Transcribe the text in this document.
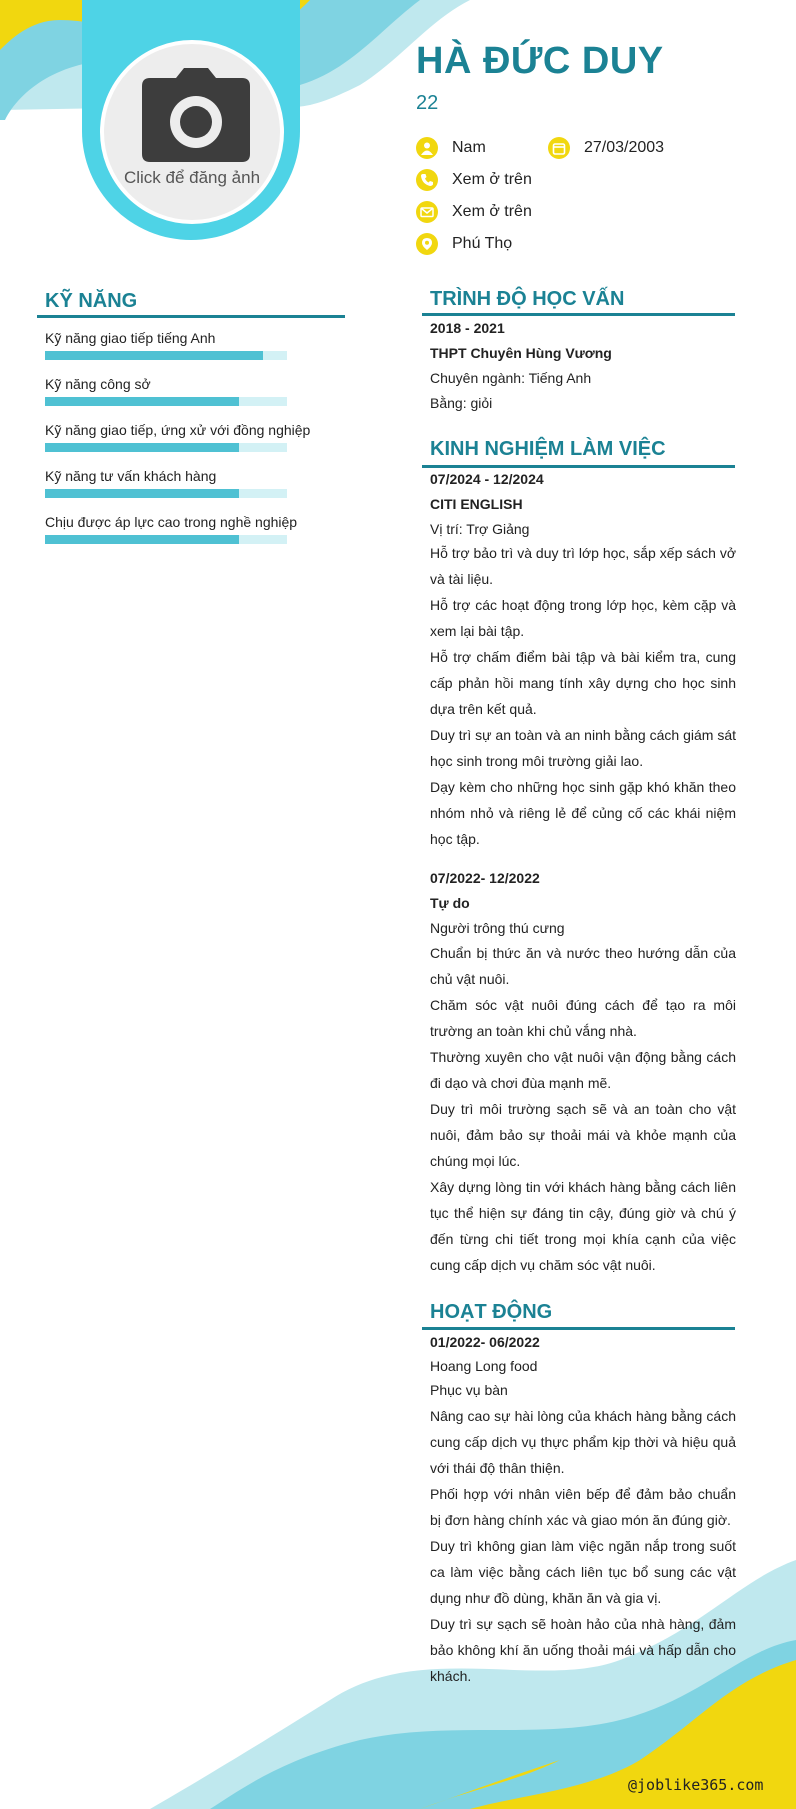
Click để đăng ảnh
HÀ ĐỨC DUY
22
Nam	27/03/2003
Xem ở trên
Xem ở trên
Phú Thọ
KỸ NĂNG
Kỹ năng giao tiếp tiếng Anh
Kỹ năng công sở
Kỹ năng giao tiếp, ứng xử với đồng nghiệp
Kỹ năng tư vấn khách hàng
Chịu được áp lực cao trong nghề nghiệp
TRÌNH ĐỘ HỌC VẤN
2018 - 2021
THPT Chuyên Hùng Vương
Chuyên ngành: Tiếng Anh
Bằng: giỏi
KINH NGHIỆM LÀM VIỆC
07/2024 - 12/2024
CITI ENGLISH
Vị trí: Trợ Giảng

Hỗ trợ bảo trì và duy trì lớp học, sắp xếp sách vở và tài liệu.

Hỗ trợ các hoạt động trong lớp học, kèm cặp và xem lại bài tập.

Hỗ trợ chấm điểm bài tập và bài kiểm tra, cung cấp phản hồi mang tính xây dựng cho học sinh dựa trên kết quả.

Duy trì sự an toàn và an ninh bằng cách giám sát học sinh trong môi trường giải lao.

Dạy kèm cho những học sinh gặp khó khăn theo nhóm nhỏ và riêng lẻ để củng cố các khái niệm học tập.

07/2022- 12/2022
Tự do
Người trông thú cưng

Chuẩn bị thức ăn và nước theo hướng dẫn của chủ vật nuôi.

Chăm sóc vật nuôi đúng cách để tạo ra môi trường an toàn khi chủ vắng nhà.

Thường xuyên cho vật nuôi vận động bằng cách đi dạo và chơi đùa mạnh mẽ.

Duy trì môi trường sạch sẽ và an toàn cho vật nuôi, đảm bảo sự thoải mái và khỏe mạnh của chúng mọi lúc.

Xây dựng lòng tin với khách hàng bằng cách liên tục thể hiện sự đáng tin cậy, đúng giờ và chú ý đến từng chi tiết trong mọi khía cạnh của việc cung cấp dịch vụ chăm sóc vật nuôi.

HOẠT ĐỘNG
01/2022- 06/2022
Hoang Long food
Phục vụ bàn

Nâng cao sự hài lòng của khách hàng bằng cách cung cấp dịch vụ thực phẩm kịp thời và hiệu quả với thái độ thân thiện.

Phối hợp với nhân viên bếp để đảm bảo chuẩn bị đơn hàng chính xác và giao món ăn đúng giờ.

Duy trì không gian làm việc ngăn nắp trong suốt ca làm việc bằng cách liên tục bổ sung các vật dụng như đồ dùng, khăn ăn và gia vị.

Duy trì sự sạch sẽ hoàn hảo của nhà hàng, đảm bảo không khí ăn uống thoải mái và hấp dẫn cho khách.

@joblike365.com
